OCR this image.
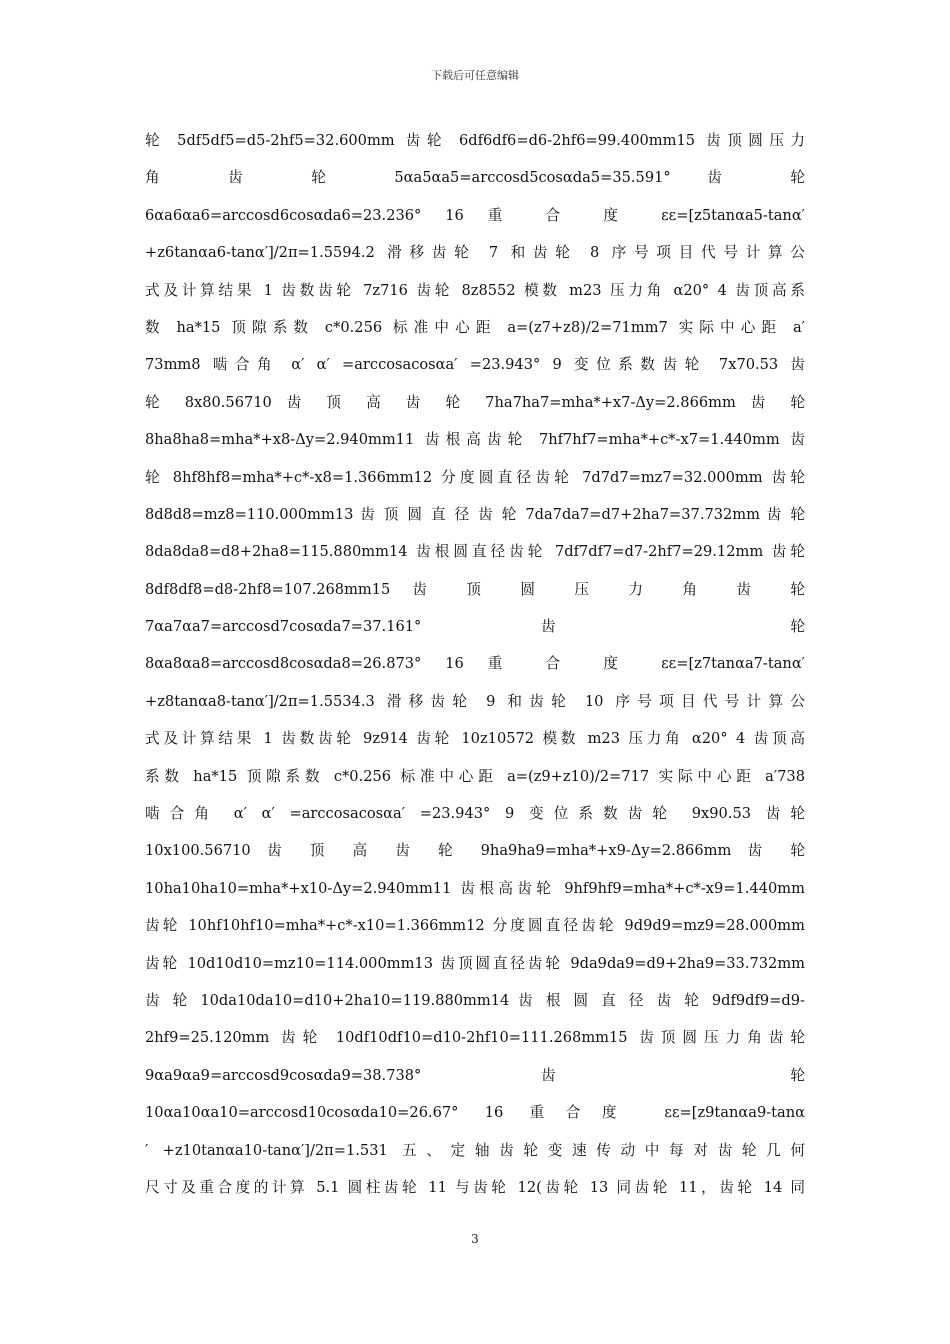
下载后可任意编辑
轮 5df5df5=d5-2hf5=32.600mm 齿轮 6df6df6=d6-2hf6=99.400mm15 齿顶圆压力
角 齿 轮 5αa5αa5=arccosd5cosαda5=35.591° 齿 轮
6αa6αa6=arccosd6cosαda6=23.236° 16 重 合 度 εε=[z5tanαa5-tanα′
+z6tanαa6-tanα′]/2π=1.5594.2 滑移齿轮 7 和齿轮 8 序号项目代号计算公
式及计算结果 1 齿数齿轮 7z716 齿轮 8z8552 模数 m23 压力角 α20° 4 齿顶高系
数 ha*15 顶隙系数 c*0.256 标准中心距 a=(z7+z8)/2=71mm7 实际中心距 a′
73mm8 啮合角 α′ α′ =arccosacosαa′ =23.943° 9 变位系数齿轮 7x70.53 齿
轮 8x80.56710 齿 顶 高 齿 轮 7ha7ha7=mha*+x7-Δy=2.866mm 齿 轮
8ha8ha8=mha*+x8-Δy=2.940mm11 齿根高齿轮 7hf7hf7=mha*+c*-x7=1.440mm 齿
轮 8hf8hf8=mha*+c*-x8=1.366mm12 分度圆直径齿轮 7d7d7=mz7=32.000mm 齿轮
8d8d8=mz8=110.000mm13 齿 顶 圆 直 径 齿 轮 7da7da7=d7+2ha7=37.732mm 齿 轮
8da8da8=d8+2ha8=115.880mm14 齿根圆直径齿轮 7df7df7=d7-2hf7=29.12mm 齿轮
8df8df8=d8-2hf8=107.268mm15 齿 顶 圆 压 力 角 齿 轮
7αa7αa7=arccosd7cosαda7=37.161° 齿 轮
8αa8αa8=arccosd8cosαda8=26.873° 16 重 合 度 εε=[z7tanαa7-tanα′
+z8tanαa8-tanα′]/2π=1.5534.3 滑移齿轮 9 和齿轮 10 序号项目代号计算公
式及计算结果 1 齿数齿轮 9z914 齿轮 10z10572 模数 m23 压力角 α20° 4 齿顶高
系数 ha*15 顶隙系数 c*0.256 标准中心距 a=(z9+z10)/2=717 实际中心距 a′738
啮合角 α′ α′ =arccosacosαa′ =23.943° 9 变位系数齿轮 9x90.53 齿轮
10x100.56710 齿 顶 高 齿 轮 9ha9ha9=mha*+x9-Δy=2.866mm 齿 轮
10ha10ha10=mha*+x10-Δy=2.940mm11 齿根高齿轮 9hf9hf9=mha*+c*-x9=1.440mm
齿轮 10hf10hf10=mha*+c*-x10=1.366mm12 分度圆直径齿轮 9d9d9=mz9=28.000mm
齿轮 10d10d10=mz10=114.000mm13 齿顶圆直径齿轮 9da9da9=d9+2ha9=33.732mm
齿 轮 10da10da10=d10+2ha10=119.880mm14 齿 根 圆 直 径 齿 轮 9df9df9=d9-
2hf9=25.120mm 齿轮 10df10df10=d10-2hf10=111.268mm15 齿顶圆压力角齿轮
9αa9αa9=arccosd9cosαda9=38.738° 齿 轮
10αa10αa10=arccosd10cosαda10=26.67° 16 重合度 εε=[z9tanαa9-tanα
′ +z10tanαa10-tanα′]/2π=1.531 五、定轴齿轮变速传动中每对齿轮几何
尺寸及重合度的计算 5.1 圆柱齿轮 11 与齿轮 12(齿轮 13 同齿轮 11，齿轮 14 同
3
